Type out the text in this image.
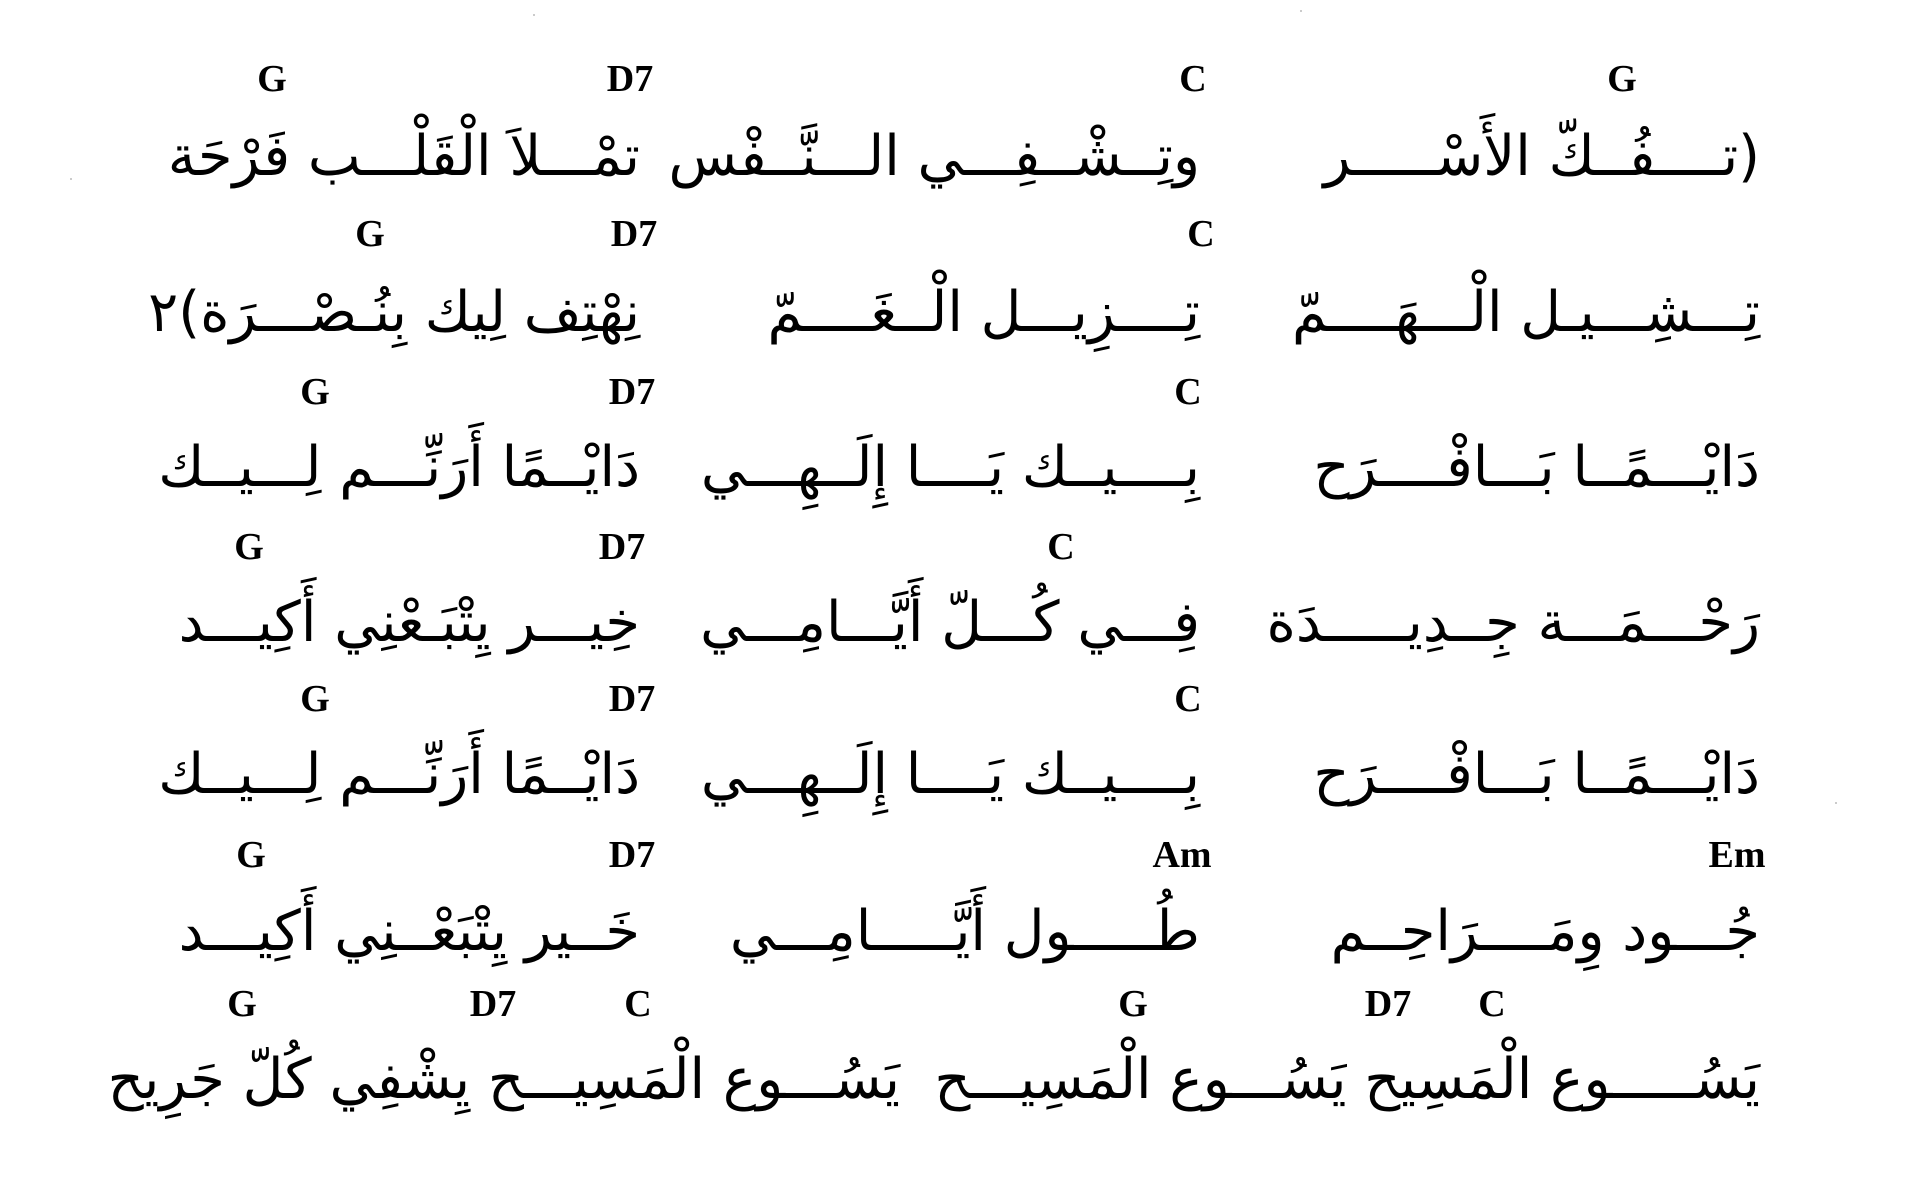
G	D7	C	G
(تــــفُــكّ الأَسْـــــر
وتِــشْــفِـــي الـــنَّــفْس
تمْـــلاَ الْقَلْـــب فَرْحَة
G	D7	C
تِـــشِـــيـل الْـــهَــــمّ
تِــــزِيـــل الْــغَــــمّ
نِهْتِف لِيك بِنُـصْـــرَة)٢
G	D7	C
دَايْـــمًــا بَـــافْــــرَح
بِــــيــك يَــــا إِلَــهِـــي
دَايْــمًا أَرَنِّـــم لِـــيــك
G	D7	C
رَحْـــمَـــة جِــدِيـــــدَة
فِـــي كُـــلّ أَيَّـــامِـــي
خِيـــر يِتْبَـعْنِي أَكِيـــد
G	D7	C
دَايْـــمًــا بَـــافْــــرَح
بِــــيــك يَــــا إِلَــهِـــي
دَايْــمًا أَرَنِّـــم لِـــيــك
G	D7	Am	Em
جُـــود وِمَــــرَاحِــم
طُـــــول أَيَّـــــامِـــي
خَــير يِتْبَعْــنِي أَكِيـــد
G	D7	C	G	D7 C
يَسُـــــوع الْمَسِيح يَسُـــوع الْمَسِيـــح
يَسُـــوع الْمَسِيـــح يِشْفِي كُلّ جَرِيح
